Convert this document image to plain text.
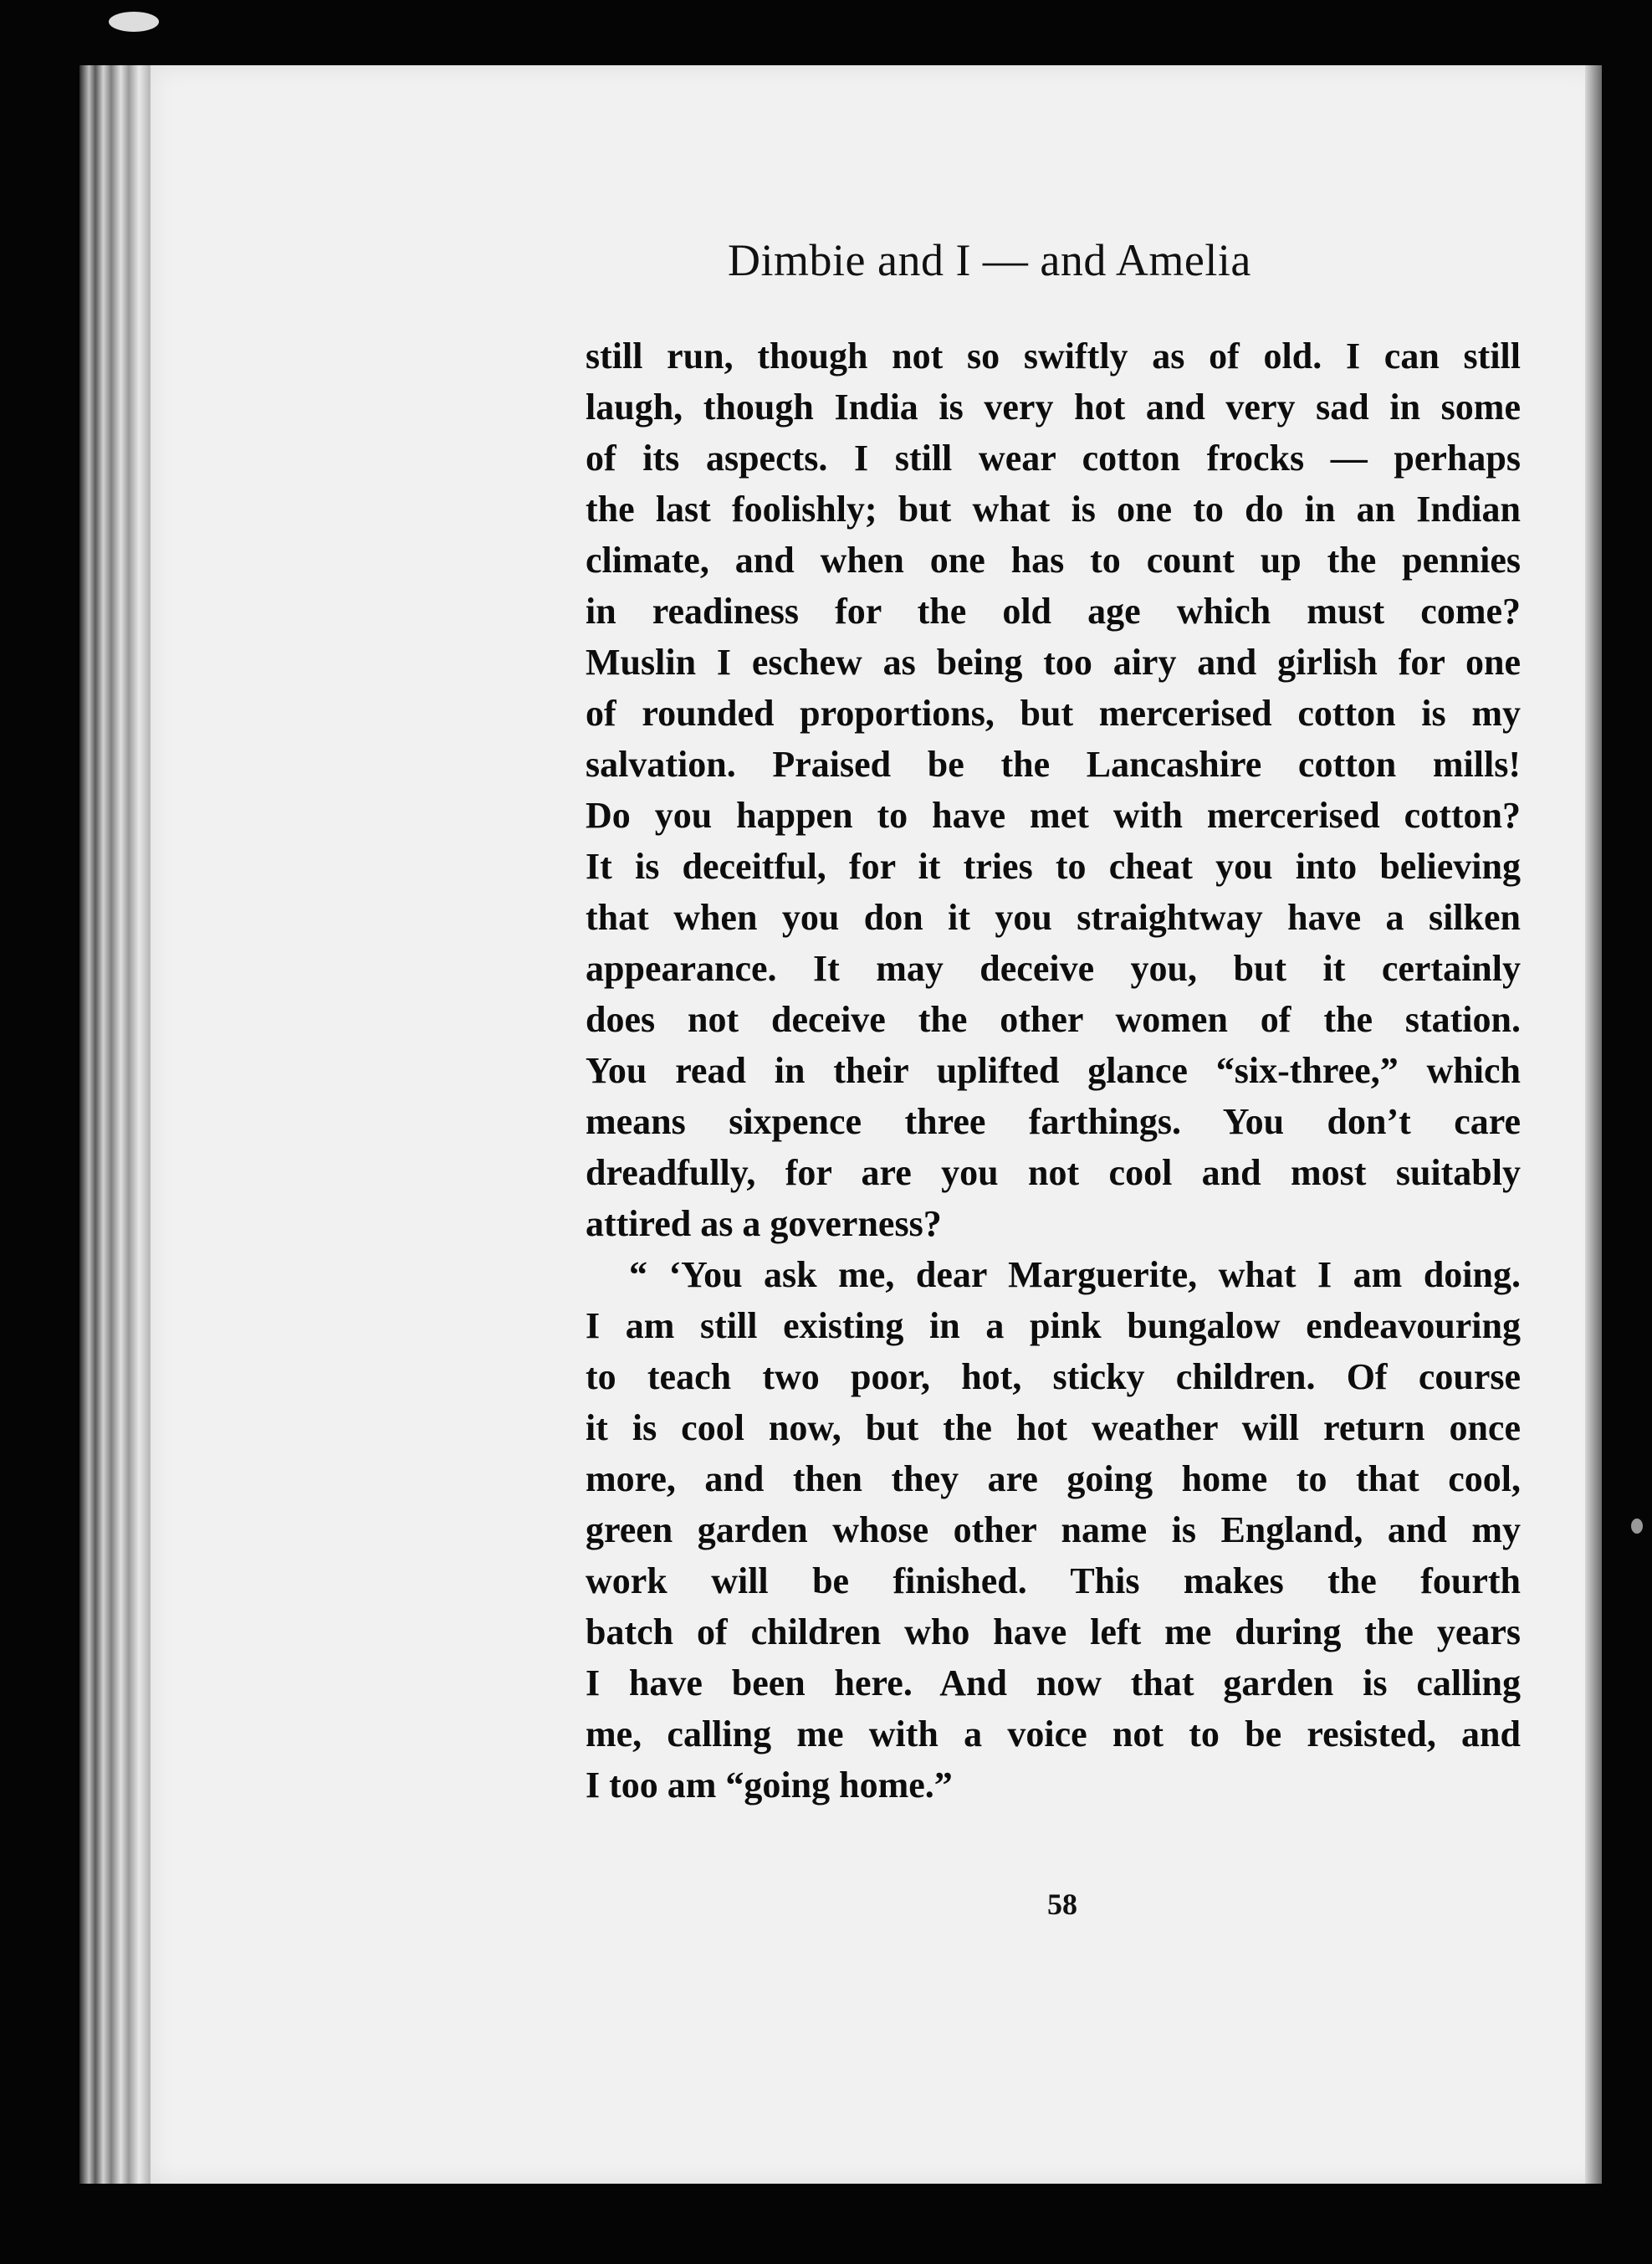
Dimbie and I — and Amelia
still run, though not so swiftly as of old. I can still
laugh, though India is very hot and very sad in some
of its aspects. I still wear cotton frocks — perhaps
the last foolishly; but what is one to do in an Indian
climate, and when one has to count up the pennies
in readiness for the old age which must come?
Muslin I eschew as being too airy and girlish for one
of rounded proportions, but mercerised cotton is my
salvation. Praised be the Lancashire cotton mills!
Do you happen to have met with mercerised cotton?
It is deceitful, for it tries to cheat you into believing
that when you don it you straightway have a silken
appearance. It may deceive you, but it certainly
does not deceive the other women of the station.
You read in their uplifted glance “six-three,” which
means sixpence three farthings. You don’t care
dreadfully, for are you not cool and most suitably
attired as a governess?
“ ‘You ask me, dear Marguerite, what I am doing.
I am still existing in a pink bungalow endeavouring
to teach two poor, hot, sticky children. Of course
it is cool now, but the hot weather will return once
more, and then they are going home to that cool,
green garden whose other name is England, and my
work will be finished. This makes the fourth
batch of children who have left me during the years
I have been here. And now that garden is calling
me, calling me with a voice not to be resisted, and
I too am “going home.”
58
